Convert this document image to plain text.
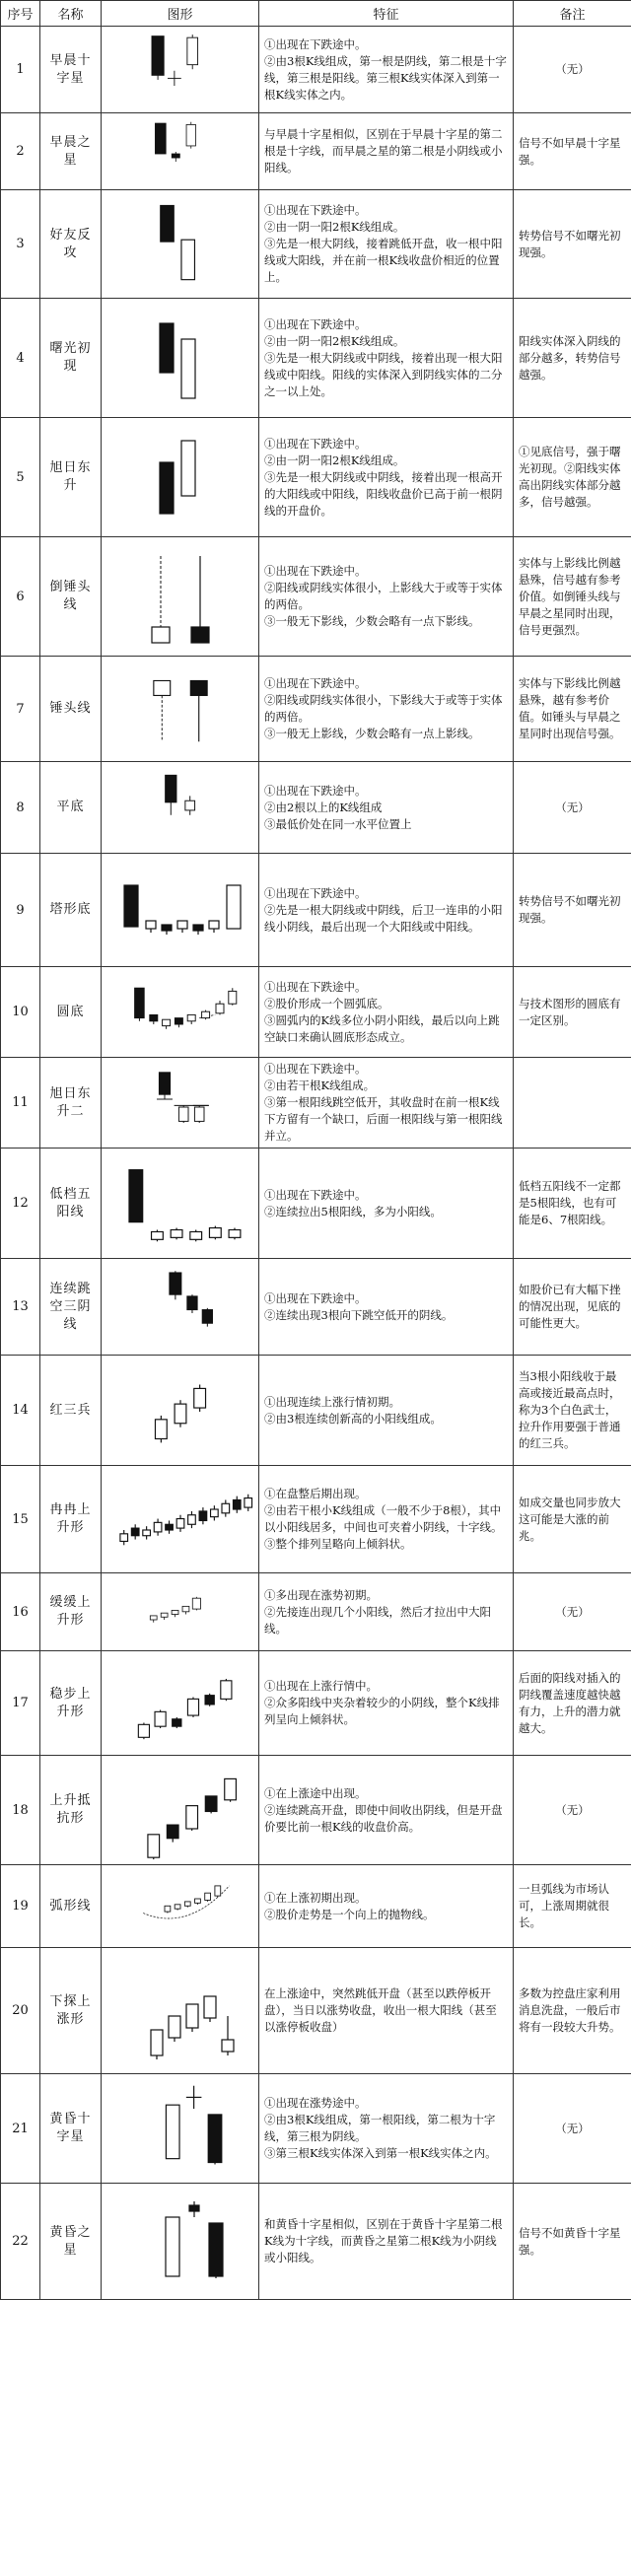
序号	名称	图形	特征	备注
1	早晨十字星		①出现在下跌途中。
②由3根K线组成，第一根是阴线，第二根是十字线，第三根是阳线。第三根K线实体深入到第一根K线实体之内。	（无）
2	早晨之星		与早晨十字星相似，区别在于早晨十字星的第二根是十字线，而早晨之星的第二根是小阴线或小阳线。	信号不如早晨十字星强。
3	好友反攻		①出现在下跌途中。
②由一阴一阳2根K线组成。
③先是一根大阴线，接着跳低开盘，收一根中阳线或大阳线，并在前一根K线收盘价相近的位置上。	转势信号不如曙光初现强。
4	曙光初现		①出现在下跌途中。
②由一阴一阳2根K线组成。
③先是一根大阴线或中阴线，接着出现一根大阳线或中阳线。阳线的实体深入到阴线实体的二分之一以上处。	阳线实体深入阴线的部分越多，转势信号越强。
5	旭日东升		①出现在下跌途中。
②由一阴一阳2根K线组成。
③先是一根大阴线或中阴线，接着出现一根高开的大阳线或中阳线，阳线收盘价已高于前一根阴线的开盘价。	①见底信号，强于曙光初现。②阳线实体高出阴线实体部分越多，信号越强。
6	倒锤头线		①出现在下跌途中。
②阳线或阴线实体很小，上影线大于或等于实体的两倍。
③一般无下影线，少数会略有一点下影线。	实体与上影线比例越悬殊，信号越有参考价值。如倒锤头线与早晨之星同时出现，信号更强烈。
7	锤头线		①出现在下跌途中。
②阳线或阴线实体很小，下影线大于或等于实体的两倍。
③一般无上影线，少数会略有一点上影线。	实体与下影线比例越悬殊，越有参考价值。如锤头与早晨之星同时出现信号强。
8	平底		①出现在下跌途中。
②由2根以上的K线组成
③最低价处在同一水平位置上	（无）
9	塔形底		①出现在下跌途中。
②先是一根大阴线或中阴线，后卫一连串的小阳线小阴线，最后出现一个大阳线或中阳线。	转势信号不如曙光初现强。
10	圆底		①出现在下跌途中。
②股价形成一个圆弧底。
③圆弧内的K线多位小阴小阳线，最后以向上跳空缺口来确认圆底形态成立。	与技术图形的圆底有一定区别。
11	旭日东升二		①出现在下跌途中。
②由若干根K线组成。
③第一根阳线跳空低开，其收盘时在前一根K线下方留有一个缺口，后面一根阳线与第一根阳线并立。	

12	低档五阳线		①出现在下跌途中。
②连续拉出5根阳线，多为小阳线。	低档五阳线不一定都是5根阳线，也有可能是6、7根阳线。
13	连续跳空三阴线		①出现在下跌途中。
②连续出现3根向下跳空低开的阴线。	如股价已有大幅下挫的情况出现，见底的可能性更大。
14	红三兵		①出现连续上涨行情初期。
②由3根连续创新高的小阳线组成。	当3根小阳线收于最高或接近最高点时，称为3个白色武士，拉升作用要强于普通的红三兵。
15	冉冉上升形		①在盘整后期出现。
②由若干根小K线组成（一般不少于8根），其中以小阳线居多，中间也可夹着小阴线，十字线。
③整个排列呈略向上倾斜状。	如成交量也同步放大这可能是大涨的前兆。
16	缓缓上升形		①多出现在涨势初期。
②先接连出现几个小阳线，然后才拉出中大阳线。	（无）
17	稳步上升形		①出现在上涨行情中。
②众多阳线中夹杂着较少的小阴线，整个K线排列呈向上倾斜状。	后面的阳线对插入的阴线覆盖速度越快越有力，上升的潜力就越大。
18	上升抵抗形		①在上涨途中出现。
②连续跳高开盘，即使中间收出阴线，但是开盘价要比前一根K线的收盘价高。	（无）
19	弧形线		①在上涨初期出现。
②股价走势是一个向上的抛物线。	一旦弧线为市场认可，上涨周期就很长。
20	下探上涨形		在上涨途中，突然跳低开盘（甚至以跌停板开盘），当日以涨势收盘，收出一根大阳线（甚至以涨停板收盘）	多数为控盘庄家利用消息洗盘，一般后市将有一段较大升势。
21	黄昏十字星		①出现在涨势途中。
②由3根K线组成，第一根阳线，第二根为十字线，第三根为阴线。
③第三根K线实体深入到第一根K线实体之内。	（无）
22	黄昏之星		和黄昏十字星相似，区别在于黄昏十字星第二根K线为十字线，而黄昏之星第二根K线为小阴线或小阳线。	信号不如黄昏十字星强。
